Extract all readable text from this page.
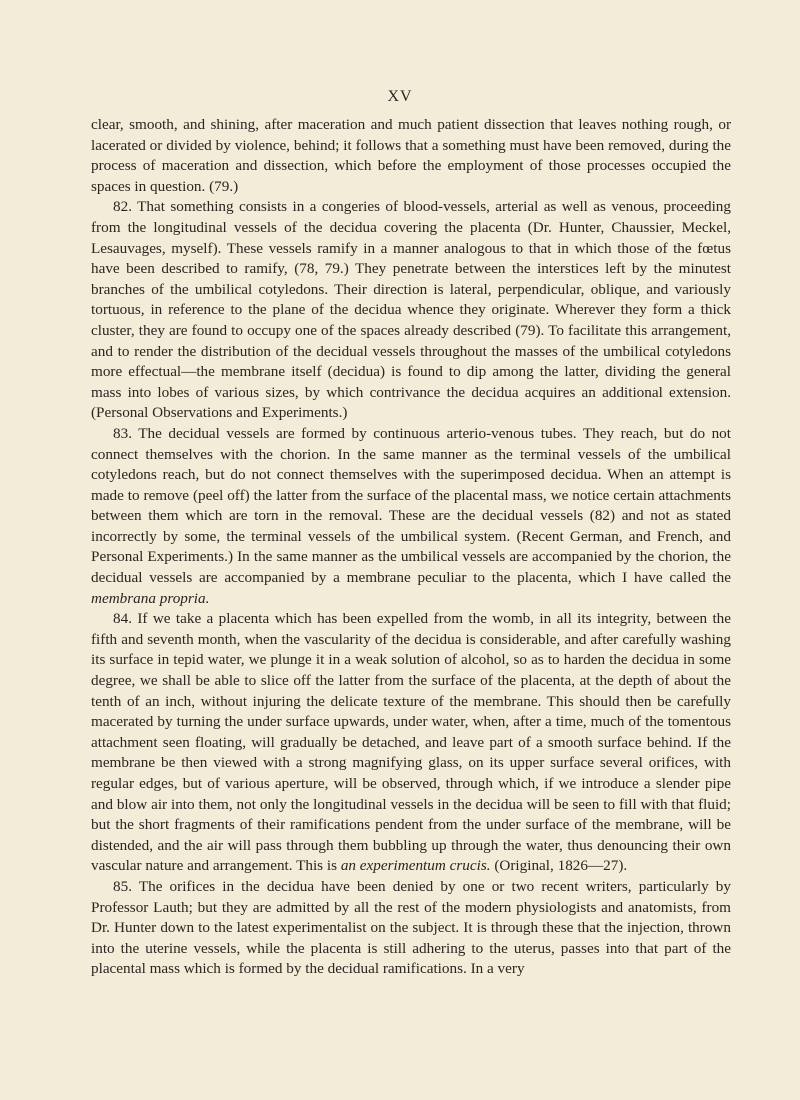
XV

clear, smooth, and shining, after maceration and much patient dissection that leaves nothing rough, or lacerated or divided by violence, behind; it follows that a something must have been removed, during the process of maceration and dissection, which before the employment of those processes occupied the spaces in question. (79.)

82. That something consists in a congeries of blood-vessels, arterial as well as venous, proceeding from the longitudinal vessels of the decidua covering the placenta (Dr. Hunter, Chaussier, Meckel, Lesauvages, myself). These vessels ramify in a manner analogous to that in which those of the fœtus have been described to ramify, (78, 79.) They penetrate between the interstices left by the minutest branches of the umbilical cotyledons. Their direction is lateral, perpendicular, oblique, and variously tortuous, in reference to the plane of the decidua whence they originate. Wherever they form a thick cluster, they are found to occupy one of the spaces already described (79). To facilitate this arrangement, and to render the distribution of the decidual vessels throughout the masses of the umbilical cotyledons more effectual—the membrane itself (decidua) is found to dip among the latter, dividing the general mass into lobes of various sizes, by which contrivance the decidua acquires an additional extension. (Personal Observations and Experiments.)

83. The decidual vessels are formed by continuous arterio-venous tubes. They reach, but do not connect themselves with the chorion. In the same manner as the terminal vessels of the umbilical cotyledons reach, but do not connect themselves with the superimposed decidua. When an attempt is made to remove (peel off) the latter from the surface of the placental mass, we notice certain attachments between them which are torn in the removal. These are the decidual vessels (82) and not as stated incorrectly by some, the terminal vessels of the umbilical system. (Recent German, and French, and Personal Experiments.) In the same manner as the umbilical vessels are accompanied by the chorion, the decidual vessels are accompanied by a membrane peculiar to the placenta, which I have called the membrana propria.

84. If we take a placenta which has been expelled from the womb, in all its integrity, between the fifth and seventh month, when the vascularity of the decidua is considerable, and after carefully washing its surface in tepid water, we plunge it in a weak solution of alcohol, so as to harden the decidua in some degree, we shall be able to slice off the latter from the surface of the placenta, at the depth of about the tenth of an inch, without injuring the delicate texture of the membrane. This should then be carefully macerated by turning the under surface upwards, under water, when, after a time, much of the tomentous attachment seen floating, will gradually be detached, and leave part of a smooth surface behind. If the membrane be then viewed with a strong magnifying glass, on its upper surface several orifices, with regular edges, but of various aperture, will be observed, through which, if we introduce a slender pipe and blow air into them, not only the longitudinal vessels in the decidua will be seen to fill with that fluid; but the short fragments of their ramifications pendent from the under surface of the membrane, will be distended, and the air will pass through them bubbling up through the water, thus denouncing their own vascular nature and arrangement. This is an experimentum crucis. (Original, 1826—27).

85. The orifices in the decidua have been denied by one or two recent writers, particularly by Professor Lauth; but they are admitted by all the rest of the modern physiologists and anatomists, from Dr. Hunter down to the latest experimentalist on the subject. It is through these that the injection, thrown into the uterine vessels, while the placenta is still adhering to the uterus, passes into that part of the placental mass which is formed by the decidual ramifications. In a very
